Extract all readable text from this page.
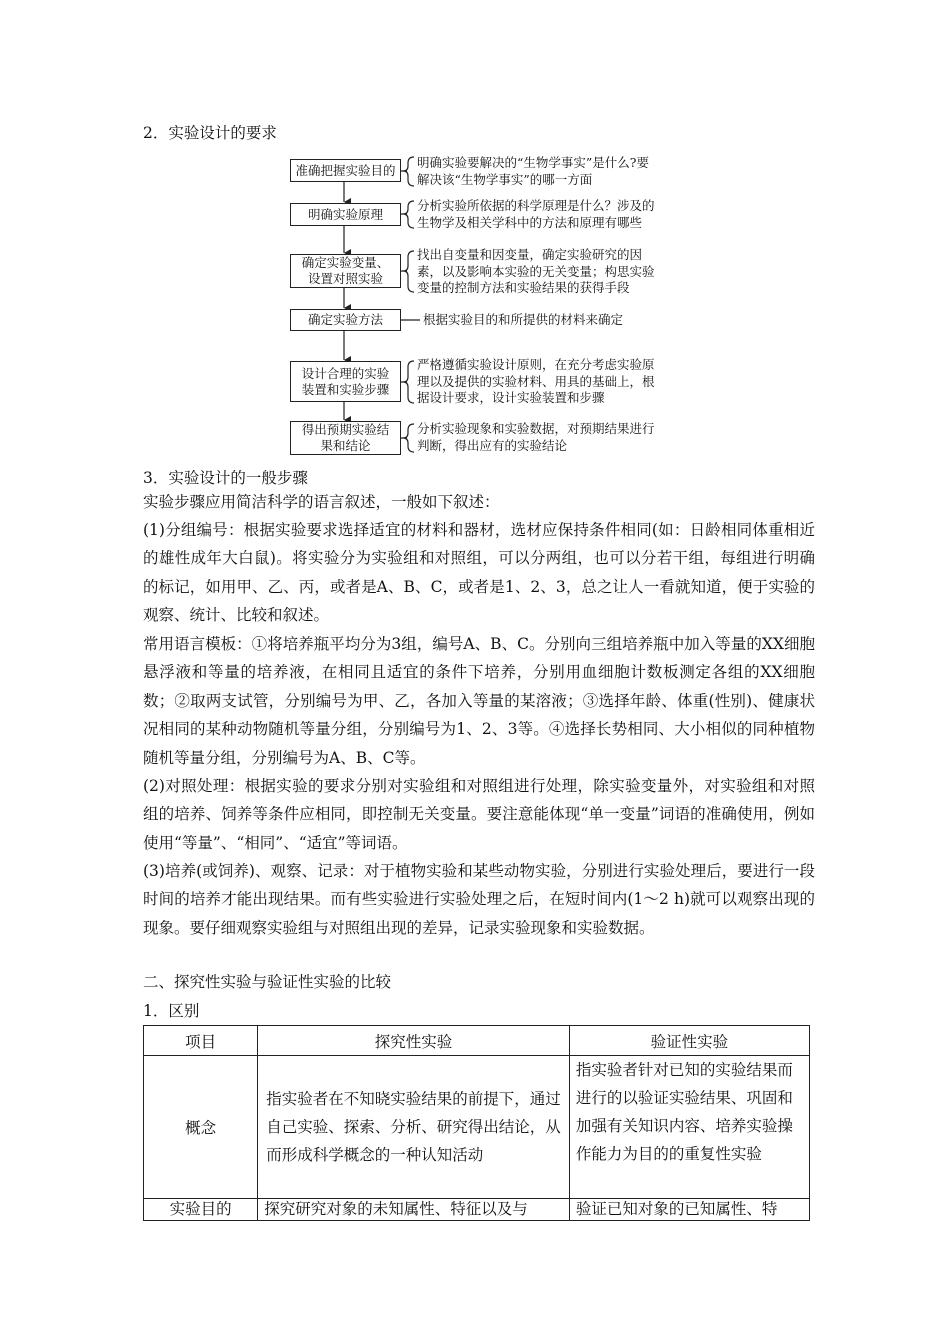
2．实验设计的要求
准确把握实验目的
明确实验原理
确定实验变量、设置对照实验
确定实验方法
设计合理的实验装置和实验步骤
得出预期实验结果和结论
明确实验要解决的“生物学事实”是什么?要解决该“生物学事实”的哪一方面
分析实验所依据的科学原理是什么？涉及的生物学及相关学科中的方法和原理有哪些
找出自变量和因变量，确定实验研究的因素，以及影响本实验的无关变量；构思实验变量的控制方法和实验结果的获得手段
根据实验目的和所提供的材料来确定
严格遵循实验设计原则，在充分考虑实验原理以及提供的实验材料、用具的基础上，根据设计要求，设计实验装置和步骤
分析实验现象和实验数据，对预期结果进行判断，得出应有的实验结论
3．实验设计的一般步骤

实验步骤应用简洁科学的语言叙述，一般如下叙述：

(1)分组编号：根据实验要求选择适宜的材料和器材，选材应保持条件相同(如：日龄相同体重相近的雄性成年大白鼠)。将实验分为实验组和对照组，可以分两组，也可以分若干组，每组进行明确的标记，如用甲、乙、丙，或者是A、B、C，或者是1、2、3，总之让人一看就知道，便于实验的观察、统计、比较和叙述。

常用语言模板：①将培养瓶平均分为3组，编号A、B、C。分别向三组培养瓶中加入等量的XX细胞悬浮液和等量的培养液，在相同且适宜的条件下培养，分别用血细胞计数板测定各组的XX细胞数；②取两支试管，分别编号为甲、乙，各加入等量的某溶液；③选择年龄、体重(性别)、健康状况相同的某种动物随机等量分组，分别编号为1、2、3等。④选择长势相同、大小相似的同种植物随机等量分组，分别编号为A、B、C等。

(2)对照处理：根据实验的要求分别对实验组和对照组进行处理，除实验变量外，对实验组和对照组的培养、饲养等条件应相同，即控制无关变量。要注意能体现“单一变量”词语的准确使用，例如使用“等量”、“相同”、“适宜”等词语。

(3)培养(或饲养)、观察、记录：对于植物实验和某些动物实验，分别进行实验处理后，要进行一段时间的培养才能出现结果。而有些实验进行实验处理之后，在短时间内(1～2 h)就可以观察出现的现象。要仔细观察实验组与对照组出现的差异，记录实验现象和实验数据。

二、探究性实验与验证性实验的比较
1．区别
项目	探究性实验	验证性实验
概念	指实验者在不知晓实验结果的前提下，通过自己实验、探索、分析、研究得出结论，从而形成科学概念的一种认知活动	指实验者针对已知的实验结果而进行的以验证实验结果、巩固和加强有关知识内容、培养实验操作能力为目的的重复性实验

实验目的	探究研究对象的未知属性、特征以及与	验证已知对象的已知属性、特
